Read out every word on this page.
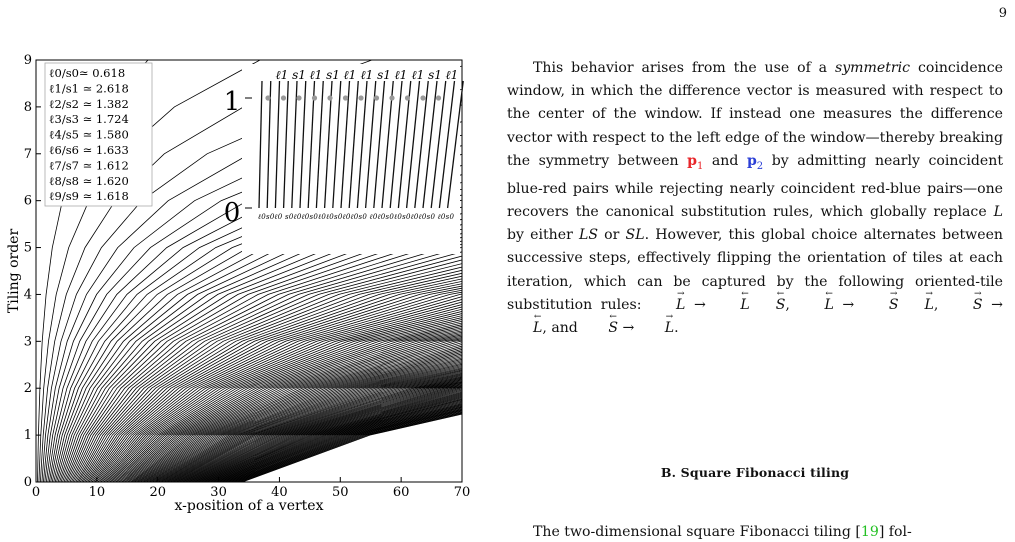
9
0	10	20	30	40	50	60	70
0
1
2
3
4
5
6
7
8
9
x-position of a vertex
Tiling order
ℓ0/s0≃ 0.618
ℓ1/s1 ≃ 2.618
ℓ2/s2 ≃ 1.382
ℓ3/s3 ≃ 1.724
ℓ4/s5 ≃ 1.580
ℓ6/s6 ≃ 1.633
ℓ7/s7 ≃ 1.612
ℓ8/s8 ≃ 1.620
ℓ9/s9 ≃ 1.618
ℓ1 s1 ℓ1 s1 ℓ1 ℓ1 s1 ℓ1 ℓ1 s1 ℓ1
1
0	ℓ0s0ℓ0 s0ℓ0ℓ0s0ℓ0ℓ0s0ℓ0ℓ0s0 ℓ0ℓ0s0ℓ0s0ℓ0ℓ0s0 ℓ0s0

This behavior arises from the use of a symmetric coincidence window, in which the difference vector is measured with respect to the center of the window. If instead one measures the difference vector with respect to the left edge of the window—thereby breaking the symmetry between $p_1$ and $p_2$ by admitting nearly coincident blue-red pairs while rejecting nearly coincident red-blue pairs—one recovers the canonical substitution rules, which globally replace L by either LS or SL. However, this global choice alternates between successive steps, effectively flipping the orientation of tiles at each iteration, which can be captured by the following oriented-tile substitution rules: → L → ← L ← S, ← L → → S → L, → S → ← L, and ← S → → L.

B. Square Fibonacci tiling
The two-dimensional square Fibonacci tiling [19] fol-
